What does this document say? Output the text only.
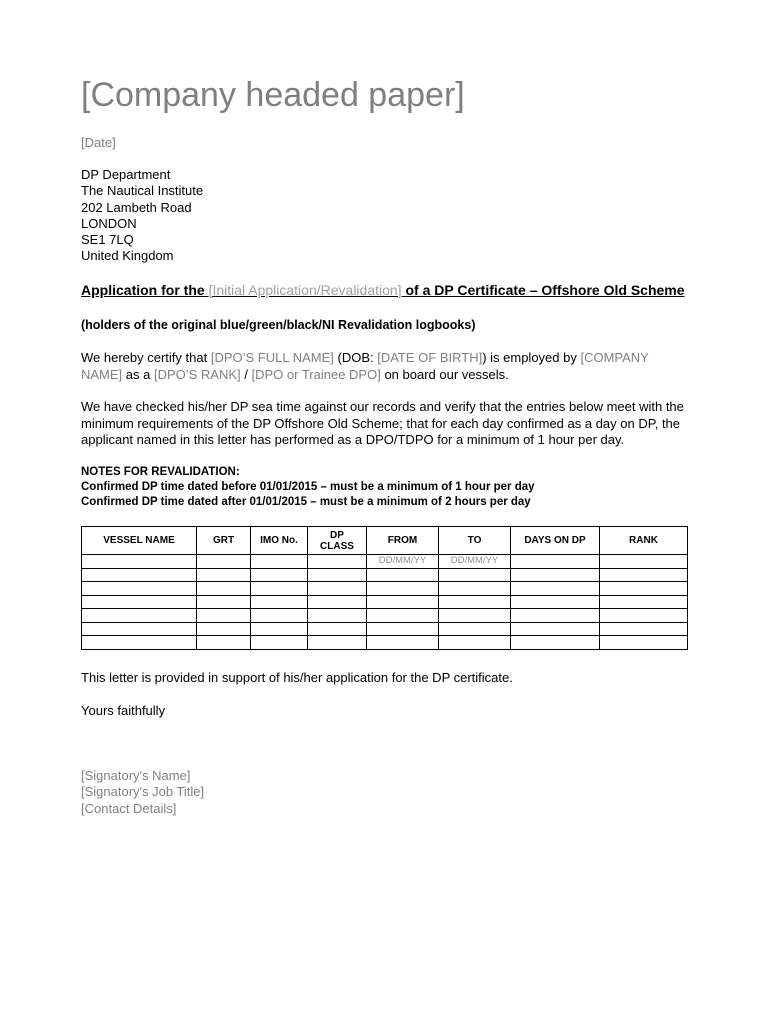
[Company headed paper]
[Date]
DP Department
The Nautical Institute
202 Lambeth Road
LONDON
SE1 7LQ
United Kingdom
Application for the [Initial Application/Revalidation] of a DP Certificate – Offshore Old Scheme
(holders of the original blue/green/black/NI Revalidation logbooks)
We hereby certify that [DPO’S FULL NAME] (DOB: [DATE OF BIRTH]) is employed by [COMPANY NAME] as a [DPO’S RANK] / [DPO or Trainee DPO] on board our vessels.
We have checked his/her DP sea time against our records and verify that the entries below meet with the minimum requirements of the DP Offshore Old Scheme; that for each day confirmed as a day on DP, the applicant named in this letter has performed as a DPO/TDPO for a minimum of 1 hour per day.
NOTES FOR REVALIDATION:
Confirmed DP time dated before 01/01/2015 – must be a minimum of 1 hour per day
Confirmed DP time dated after 01/01/2015 – must be a minimum of 2 hours per day
VESSEL NAME	GRT	IMO No.	DP CLASS	FROM	TO	DAYS ON DP	RANK
				DD/MM/YY	DD/MM/YY		

This letter is provided in support of his/her application for the DP certificate.
Yours faithfully
[Signatory's Name]
[Signatory's Job Title]
[Contact Details]
